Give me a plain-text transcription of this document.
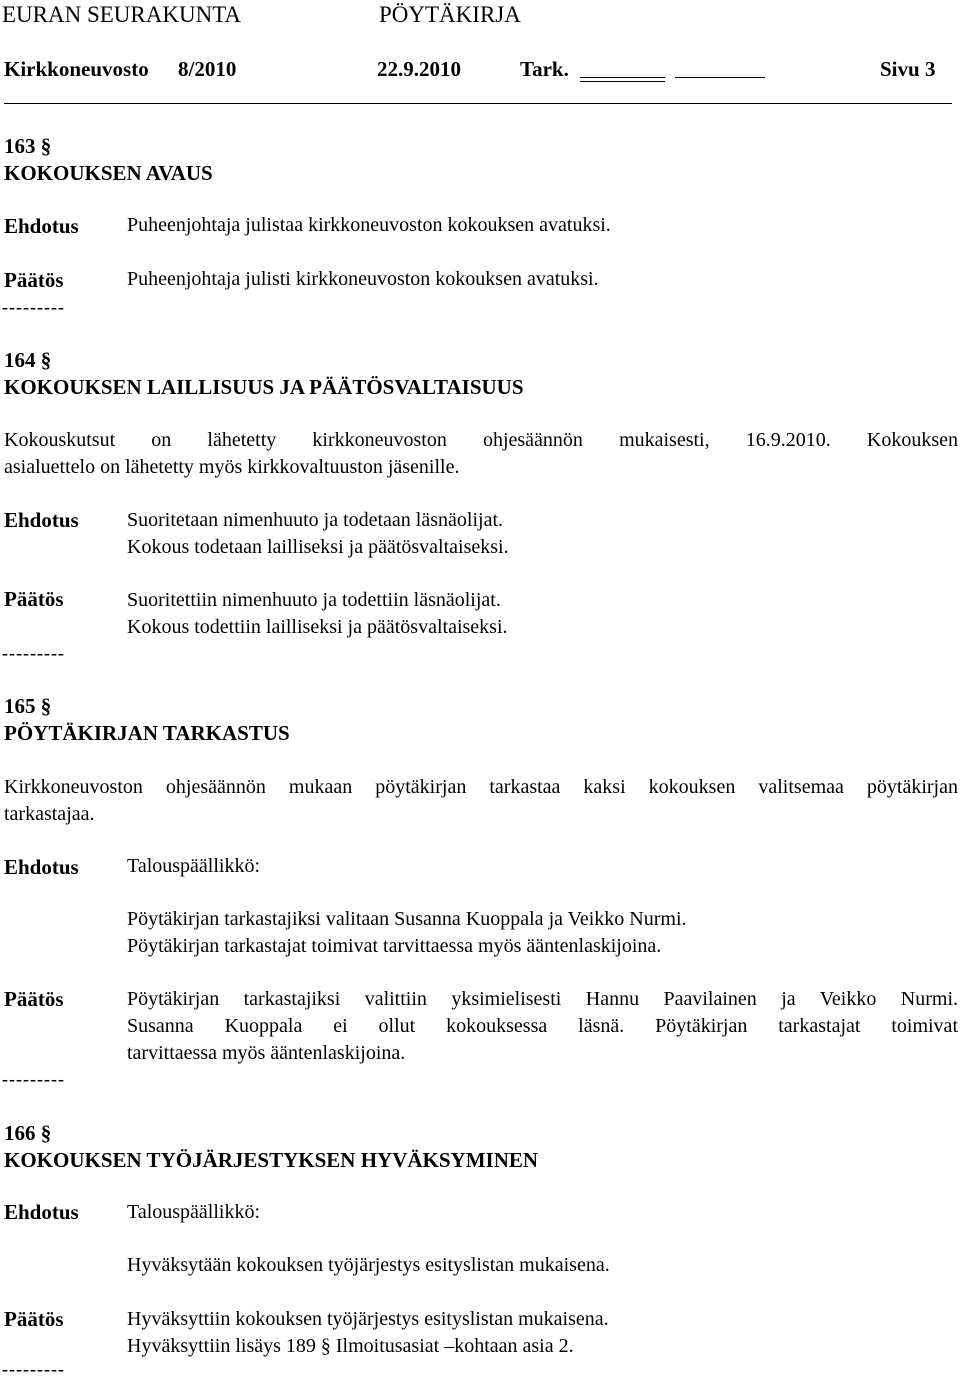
EURAN SEURAKUNTA	PÖYTÄKIRJA
Kirkkoneuvosto 8/2010	22.9.2010	Tark.	Sivu 3
163 §
KOKOUKSEN AVAUS
Ehdotus Puheenjohtaja julistaa kirkkoneuvoston kokouksen avatuksi.
Päätös	Puheenjohtaja julisti kirkkoneuvoston kokouksen avatuksi.
---------
164 §
KOKOUKSEN LAILLISUUS JA PÄÄTÖSVALTAISUUS
Kokouskutsut on lähetetty kirkkoneuvoston ohjesäännön mukaisesti, 16.9.2010. Kokouksen
asialuettelo on lähetetty myös kirkkovaltuuston jäsenille.
Ehdotus Suoritetaan nimenhuuto ja todetaan läsnäolijat.
Kokous todetaan lailliseksi ja päätösvaltaiseksi.
Päätös	Suoritettiin nimenhuuto ja todettiin läsnäolijat.
Kokous todettiin lailliseksi ja päätösvaltaiseksi.
---------
165 §
PÖYTÄKIRJAN TARKASTUS
Kirkkoneuvoston ohjesäännön mukaan pöytäkirjan tarkastaa kaksi kokouksen valitsemaa pöytäkirjan
tarkastajaa.
Ehdotus Talouspäällikkö:
Pöytäkirjan tarkastajiksi valitaan Susanna Kuoppala ja Veikko Nurmi.
Pöytäkirjan tarkastajat toimivat tarvittaessa myös ääntenlaskijoina.
Päätös	Pöytäkirjan tarkastajiksi valittiin yksimielisesti Hannu Paavilainen ja Veikko Nurmi.
Susanna Kuoppala ei ollut kokouksessa läsnä. Pöytäkirjan tarkastajat toimivat
tarvittaessa myös ääntenlaskijoina.
---------
166 §
KOKOUKSEN TYÖJÄRJESTYKSEN HYVÄKSYMINEN
Ehdotus Talouspäällikkö:
Hyväksytään kokouksen työjärjestys esityslistan mukaisena.
Päätös	Hyväksyttiin kokouksen työjärjestys esityslistan mukaisena.
Hyväksyttiin lisäys 189 § Ilmoitusasiat –kohtaan asia 2.
---------
